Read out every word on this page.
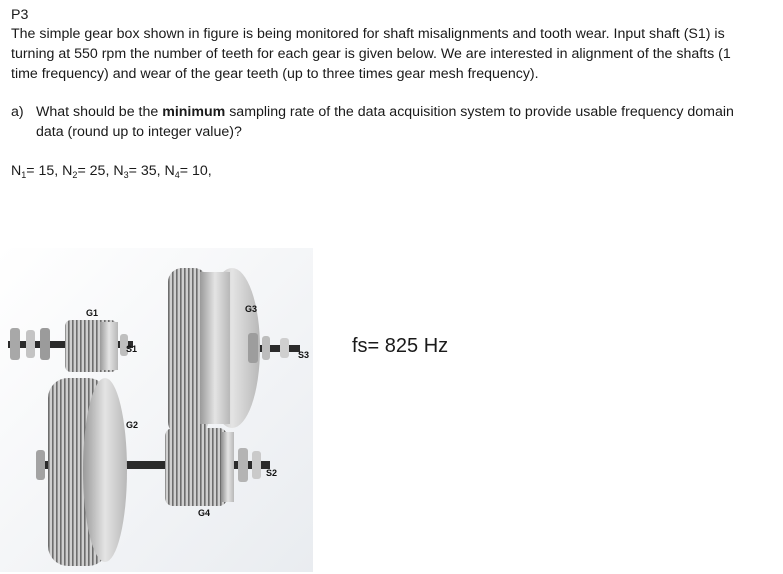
P3
The simple gear box shown in figure is being monitored for shaft misalignments and tooth wear. Input shaft (S1) is turning at 550 rpm the number of teeth for each gear is given below. We are interested in alignment of the shafts (1 time frequency) and wear of the gear teeth (up to three times gear mesh frequency).
a) What should be the minimum sampling rate of the data acquisition system to provide usable frequency domain data (round up to integer value)?
$N_1= 15$, $N_2= 25$, $N_3= 35$, $N_4= 10$,
G1
S1
G2
G3
S3
S2
G4
fs= 825 Hz
